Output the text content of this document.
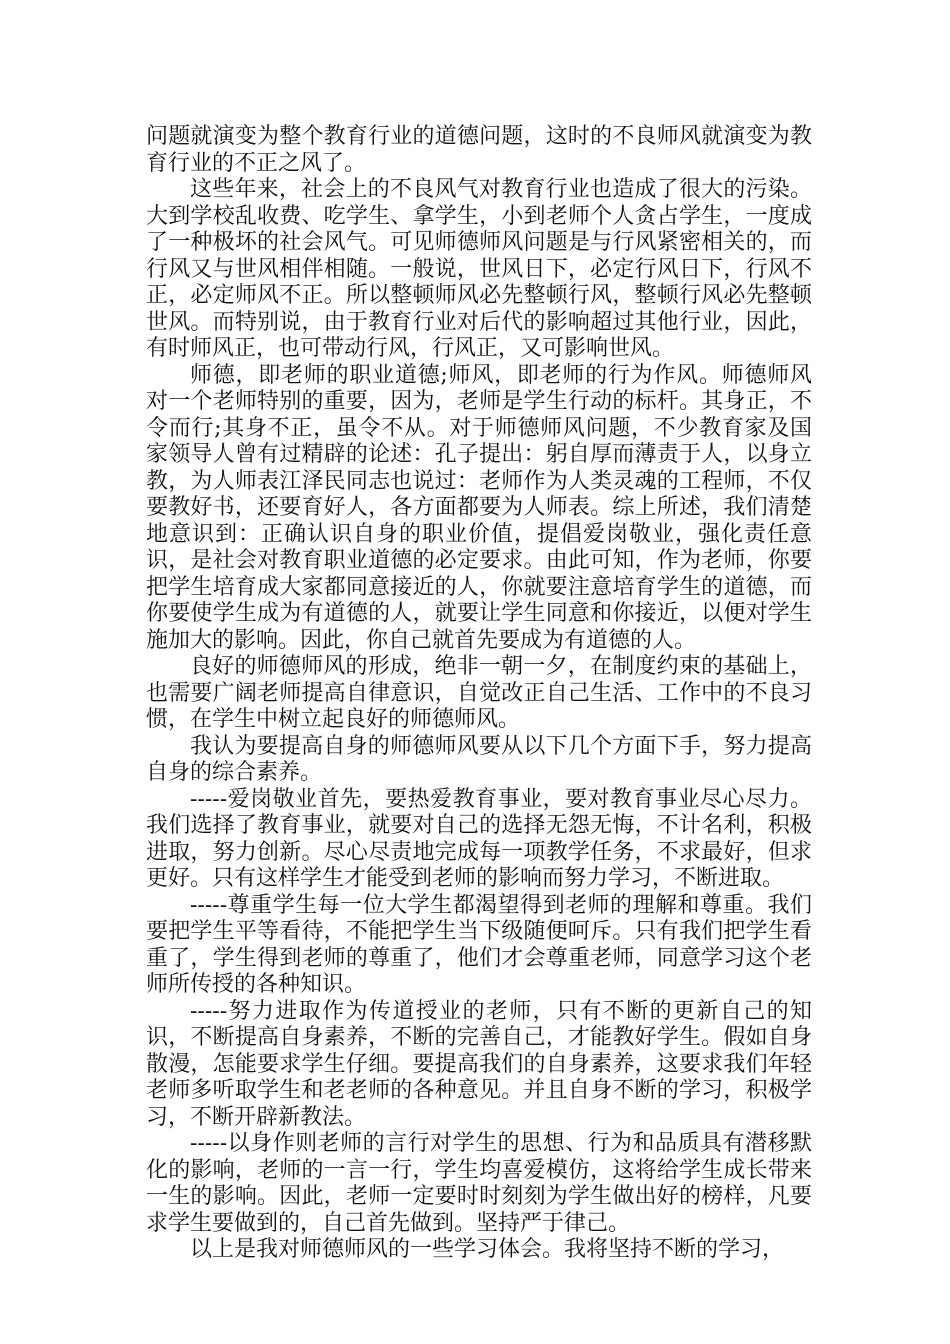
问题就演变为整个教育行业的道德问题，这时的不良师风就演变为教育行业的不正之风了。

这些年来，社会上的不良风气对教育行业也造成了很大的污染。大到学校乱收费、吃学生、拿学生，小到老师个人贪占学生，一度成了一种极坏的社会风气。可见师德师风问题是与行风紧密相关的，而行风又与世风相伴相随。一般说，世风日下，必定行风日下，行风不正，必定师风不正。所以整顿师风必先整顿行风，整顿行风必先整顿世风。而特别说，由于教育行业对后代的影响超过其他行业，因此，有时师风正，也可带动行风，行风正，又可影响世风。

师德，即老师的职业道德;师风，即老师的行为作风。师德师风对一个老师特别的重要，因为，老师是学生行动的标杆。其身正，不令而行;其身不正，虽令不从。对于师德师风问题，不少教育家及国家领导人曾有过精辟的论述：孔子提出：躬自厚而薄责于人，以身立教，为人师表江泽民同志也说过：老师作为人类灵魂的工程师，不仅要教好书，还要育好人，各方面都要为人师表。综上所述，我们清楚地意识到：正确认识自身的职业价值，提倡爱岗敬业，强化责任意识，是社会对教育职业道德的必定要求。由此可知，作为老师，你要把学生培育成大家都同意接近的人，你就要注意培育学生的道德，而你要使学生成为有道德的人，就要让学生同意和你接近，以便对学生施加大的影响。因此，你自己就首先要成为有道德的人。

良好的师德师风的形成，绝非一朝一夕，在制度约束的基础上，也需要广阔老师提高自律意识，自觉改正自己生活、工作中的不良习惯，在学生中树立起良好的师德师风。

我认为要提高自身的师德师风要从以下几个方面下手，努力提高自身的综合素养。

-----爱岗敬业首先，要热爱教育事业，要对教育事业尽心尽力。我们选择了教育事业，就要对自己的选择无怨无悔，不计名利，积极进取，努力创新。尽心尽责地完成每一项教学任务，不求最好，但求更好。只有这样学生才能受到老师的影响而努力学习，不断进取。

-----尊重学生每一位大学生都渴望得到老师的理解和尊重。我们要把学生平等看待，不能把学生当下级随便呵斥。只有我们把学生看重了，学生得到老师的尊重了，他们才会尊重老师，同意学习这个老师所传授的各种知识。

-----努力进取作为传道授业的老师，只有不断的更新自己的知识，不断提高自身素养，不断的完善自己，才能教好学生。假如自身散漫，怎能要求学生仔细。要提高我们的自身素养，这要求我们年轻老师多听取学生和老老师的各种意见。并且自身不断的学习，积极学习，不断开辟新教法。

-----以身作则老师的言行对学生的思想、行为和品质具有潜移默化的影响，老师的一言一行，学生均喜爱模仿，这将给学生成长带来一生的影响。因此，老师一定要时时刻刻为学生做出好的榜样，凡要求学生要做到的，自己首先做到。坚持严于律己。

以上是我对师德师风的一些学习体会。我将坚持不断的学习，
